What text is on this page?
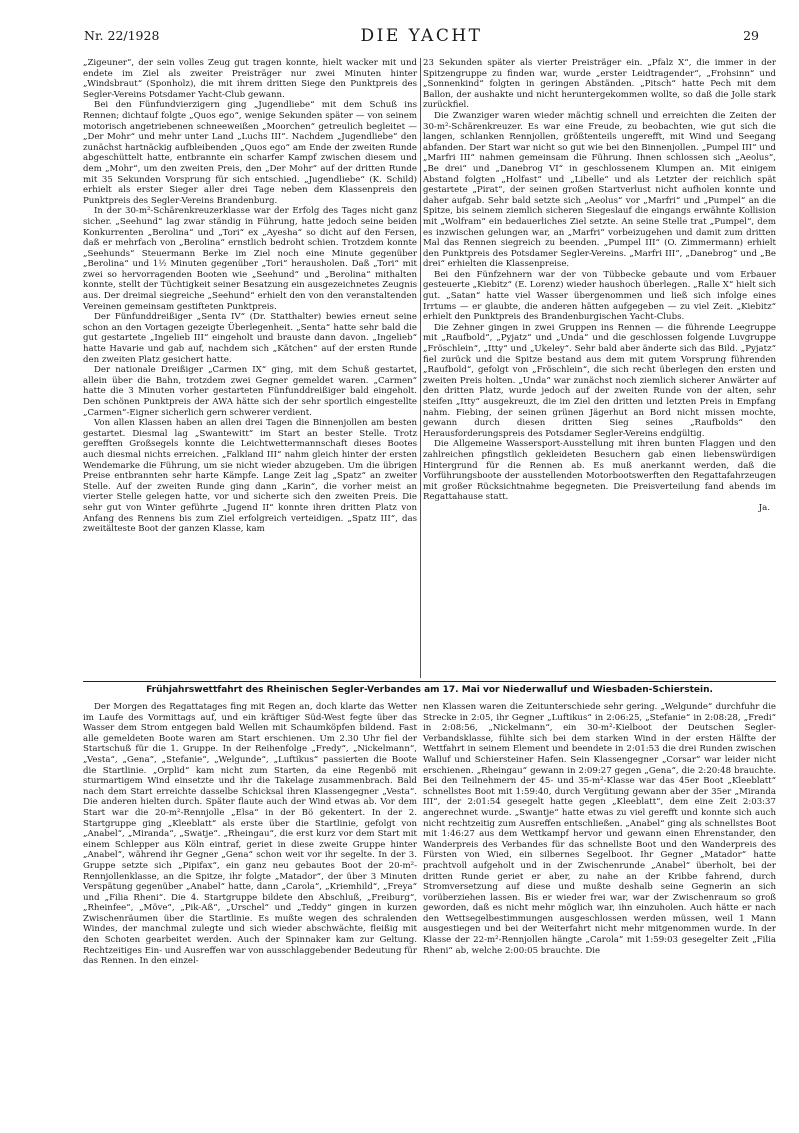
Nr. 22/1928	DIE YACHT	29

„Zigeuner“, der sein volles Zeug gut tragen konnte, hielt wacker mit und endete im Ziel als zweiter Preisträger nur zwei Minuten hinter „Windsbraut“ (Sponholz), die mit ihrem dritten Siege den Punktpreis des Segler-Vereins Potsdamer Yacht-Club gewann.

Bei den Fünfundvierzigern ging „Jugendliebe“ mit dem Schuß ins Rennen; dichtauf folgte „Quos ego“, wenige Sekunden später — von seinem motorisch angetriebenen schneeweißen „Moorchen“ getreulich begleitet — „Der Mohr“ und mehr unter Land „Luchs III“. Nachdem „Jugendliebe“ den zunächst hartnäckig aufbleibenden „Quos ego“ am Ende der zweiten Runde abgeschüttelt hatte, entbrannte ein scharfer Kampf zwischen diesem und dem „Mohr“, um den zweiten Preis, den „Der Mohr“ auf der dritten Runde mit 35 Sekunden Vorsprung für sich entschied. „Jugendliebe“ (K. Schild) erhielt als erster Sieger aller drei Tage neben dem Klassenpreis den Punktpreis des Segler-Vereins Brandenburg.

In der 30-m²-Schärenkreuzerklasse war der Erfolg des Tages nicht ganz sicher. „Seehund“ lag zwar ständig in Führung, hatte jedoch seine beiden Konkurrenten „Berolina“ und „Tori“ ex „Ayesha“ so dicht auf den Fersen, daß er mehrfach von „Berolina“ ernstlich bedroht schien. Trotzdem konnte „Seehunds“ Steuermann Berke im Ziel noch eine Minute gegenüber „Berolina“ und 1½ Minuten gegenüber „Tori“ herausholen. Daß „Tori“ mit zwei so hervorragenden Booten wie „Seehund“ und „Berolina“ mithalten konnte, stellt der Tüchtigkeit seiner Besatzung ein ausgezeichnetes Zeugnis aus. Der dreimal siegreiche „Seehund“ erhielt den von den veranstaltenden Vereinen gemeinsam gestifteten Punktpreis.

Der Fünfunddreißiger „Senta IV“ (Dr. Statthalter) bewies erneut seine schon an den Vortagen gezeigte Überlegenheit. „Senta“ hatte sehr bald die gut gestartete „Ingelieb III“ eingeholt und brauste dann davon. „Ingelieb“ hatte Havarie und gab auf, nachdem sich „Kätchen“ auf der ersten Runde den zweiten Platz gesichert hatte.

Der nationale Dreißiger „Carmen IX“ ging, mit dem Schuß gestartet, allein über die Bahn, trotzdem zwei Gegner gemeldet waren. „Carmen“ hatte die 3 Minuten vorher gestarteten Fünfunddreißiger bald eingeholt. Den schönen Punktpreis der AWA hätte sich der sehr sportlich eingestellte „Carmen“-Eigner sicherlich gern schwerer verdient.

Von allen Klassen haben an allen drei Tagen die Binnenjollen am besten gestartet. Diesmal lag „Swantewitt“ im Start an bester Stelle. Trotz gerefften Großsegels konnte die Leichtwettermannschaft dieses Bootes auch diesmal nichts erreichen. „Falkland III“ nahm gleich hinter der ersten Wendemarke die Führung, um sie nicht wieder abzugeben. Um die übrigen Preise entbrannten sehr harte Kämpfe. Lange Zeit lag „Spatz“ an zweiter Stelle. Auf der zweiten Runde ging dann „Karin“, die vorher meist an vierter Stelle gelegen hatte, vor und sicherte sich den zweiten Preis. Die sehr gut von Winter geführte „Jugend II“ konnte ihren dritten Platz von Anfang des Rennens bis zum Ziel erfolgreich verteidigen. „Spatz III“, das zweitälteste Boot der ganzen Klasse, kam

23 Sekunden später als vierter Preisträger ein. „Pfalz X“, die immer in der Spitzengruppe zu finden war, wurde „erster Leidtragender“, „Frohsinn“ und „Sonnenkind“ folgten in geringen Abständen. „Pitsch“ hatte Pech mit dem Ballon, der aushakte und nicht heruntergekommen wollte, so daß die Jolle stark zurückfiel.

Die Zwanziger waren wieder mächtig schnell und erreichten die Zeiten der 30-m²-Schärenkreuzer. Es war eine Freude, zu beobachten, wie gut sich die langen, schlanken Rennjollen, größtenteils ungerefft, mit Wind und Seegang abfanden. Der Start war nicht so gut wie bei den Binnenjollen. „Pumpel III“ und „Marfri III“ nahmen gemeinsam die Führung. Ihnen schlossen sich „Aeolus“, „Be drei“ und „Danebrog VI“ in geschlossenem Klumpen an. Mit einigem Abstand folgten „Holfast“ und „Libelle“ und als Letzter der reichlich spät gestartete „Pirat“, der seinen großen Startverlust nicht aufholen konnte und daher aufgab. Sehr bald setzte sich „Aeolus“ vor „Marfri“ und „Pumpel“ an die Spitze, bis seinem ziemlich sicheren Siegeslauf die eingangs erwähnte Kollision mit „Wolfram“ ein bedauerliches Ziel setzte. An seine Stelle trat „Pumpel“, dem es inzwischen gelungen war, an „Marfri“ vorbeizugehen und damit zum dritten Mal das Rennen siegreich zu beenden. „Pumpel III“ (O. Zimmermann) erhielt den Punktpreis des Potsdamer Segler-Vereins. „Marfri III“, „Danebrog“ und „Be drei“ erhielten die Klassenpreise.

Bei den Fünfzehnern war der von Tübbecke gebaute und vom Erbauer gesteuerte „Kiebitz“ (E. Lorenz) wieder haushoch überlegen. „Ralle X“ hielt sich gut. „Satan“ hatte viel Wasser übergenommen und ließ sich infolge eines Irrtums — er glaubte, die anderen hätten aufgegeben — zu viel Zeit. „Kiebitz“ erhielt den Punktpreis des Brandenburgischen Yacht-Clubs.

Die Zehner gingen in zwei Gruppen ins Rennen — die führende Leegruppe mit „Raufbold“, „Pyjatz“ und „Unda“ und die geschlossen folgende Luvgruppe „Fröschlein“, „Itty“ und „Ukeley“. Sehr bald aber änderte sich das Bild. „Pyjatz“ fiel zurück und die Spitze bestand aus dem mit gutem Vorsprung führenden „Raufbold“, gefolgt von „Fröschlein“, die sich recht überlegen den ersten und zweiten Preis holten. „Unda“ war zunächst noch ziemlich sicherer Anwärter auf den dritten Platz, wurde jedoch auf der zweiten Runde von der alten, sehr steifen „Itty“ ausgekreuzt, die im Ziel den dritten und letzten Preis in Empfang nahm. Fiebing, der seinen grünen Jägerhut an Bord nicht missen mochte, gewann durch diesen dritten Sieg seines „Raufbolds“ den Herausforderungspreis des Potsdamer Segler-Vereins endgültig.

Die Allgemeine Wassersport-Ausstellung mit ihren bunten Flaggen und den zahlreichen pfingstlich gekleideten Besuchern gab einen liebenswürdigen Hintergrund für die Rennen ab. Es muß anerkannt werden, daß die Vorführungsboote der ausstellenden Motorbootswerften den Regattafahrzeugen mit großer Rücksichtnahme begegneten. Die Preisverteilung fand abends im Regattahause statt.

Ja.
Frühjahrswettfahrt des Rheinischen Segler-Verbandes am 17. Mai vor Niederwalluf und Wiesbaden-Schierstein.

Der Morgen des Regattatages fing mit Regen an, doch klarte das Wetter im Laufe des Vormittags auf, und ein kräftiger Süd-West fegte über das Wasser dem Strom entgegen bald Wellen mit Schaumköpfen bildend. Fast alle gemeldeten Boote waren am Start erschienen. Um 2.30 Uhr fiel der Startschuß für die 1. Gruppe. In der Reihenfolge „Fredy“, „Nickelmann“, „Vesta“, „Gena“, „Stefanie“, „Welgunde“, „Luftikus“ passierten die Boote die Startlinie. „Orplid“ kam nicht zum Starten, da eine Regenbö mit sturmartigem Wind einsetzte und ihr die Takelage zusammenbrach. Bald nach dem Start erreichte dasselbe Schicksal ihren Klassengegner „Vesta“. Die anderen hielten durch. Später flaute auch der Wind etwas ab. Vor dem Start war die 20-m²-Rennjolle „Elsa“ in der Bö gekentert. In der 2. Startgruppe ging „Kleeblatt“ als erste über die Startlinie, gefolgt von „Anabel“, „Miranda“, „Swatje“. „Rheingau“, die erst kurz vor dem Start mit einem Schlepper aus Köln eintraf, geriet in diese zweite Gruppe hinter „Anabel“, während ihr Gegner „Gena“ schon weit vor ihr segelte. In der 3. Gruppe setzte sich „Pipifax“, ein ganz neu gebautes Boot der 20-m²-Rennjollenklasse, an die Spitze, ihr folgte „Matador“, der über 3 Minuten Verspätung gegenüber „Anabel“ hatte, dann „Carola“, „Kriemhild“, „Freya“ und „Filia Rheni“. Die 4. Startgruppe bildete den Abschluß, „Freiburg“, „Rheinfee“, „Möve“, „Pik-Aß“, „Urschel“ und „Teddy“ gingen in kurzen Zwischenräumen über die Startlinie. Es mußte wegen des schralenden Windes, der manchmal zulegte und sich wieder abschwächte, fleißig mit den Schoten gearbeitet werden. Auch der Spinnaker kam zur Geltung. Rechtzeitiges Ein- und Ausreffen war von ausschlaggebender Bedeutung für das Rennen. In den einzel-

nen Klassen waren die Zeitunterschiede sehr gering. „Welgunde“ durchfuhr die Strecke in 2:05, ihr Gegner „Luftikus“ in 2:06:25, „Stefanie“ in 2:08:28, „Fredi“ in 2:08:56, „Nickelmann“, ein 30-m²-Kielboot der Deutschen Segler-Verbandsklasse, fühlte sich bei dem starken Wind in der ersten Hälfte der Wettfahrt in seinem Element und beendete in 2:01:53 die drei Runden zwischen Walluf und Schiersteiner Hafen. Sein Klassengegner „Corsar“ war leider nicht erschienen. „Rheingau“ gewann in 2:09:27 gegen „Gena“, die 2:20:48 brauchte. Bei den Teilnehmern der 45- und 35-m²-Klasse war das 45er Boot „Kleeblatt“ schnellstes Boot mit 1:59:40, durch Vergütung gewann aber der 35er „Miranda III“, der 2:01:54 gesegelt hatte gegen „Kleeblatt“, dem eine Zeit 2:03:37 angerechnet wurde. „Swantje“ hatte etwas zu viel gerefft und konnte sich auch nicht rechtzeitig zum Ausreffen entschließen. „Anabel“ ging als schnellstes Boot mit 1:46:27 aus dem Wettkampf hervor und gewann einen Ehrenstander, den Wanderpreis des Verbandes für das schnellste Boot und den Wanderpreis des Fürsten von Wied, ein silbernes Segelboot. Ihr Gegner „Matador“ hatte prachtvoll aufgeholt und in der Zwischenrunde „Anabel“ überholt, bei der dritten Runde geriet er aber, zu nahe an der Kribbe fahrend, durch Stromversetzung auf diese und mußte deshalb seine Gegnerin an sich vorüberziehen lassen. Bis er wieder frei war, war der Zwischenraum so groß geworden, daß es nicht mehr möglich war, ihn einzuholen. Auch hätte er nach den Wettsegelbestimmungen ausgeschlossen werden müssen, weil 1 Mann ausgestiegen und bei der Weiterfahrt nicht mehr mitgenommen wurde. In der Klasse der 22-m²-Rennjollen hängte „Carola“ mit 1:59:03 gesegelter Zeit „Filia Rheni“ ab, welche 2:00:05 brauchte. Die
